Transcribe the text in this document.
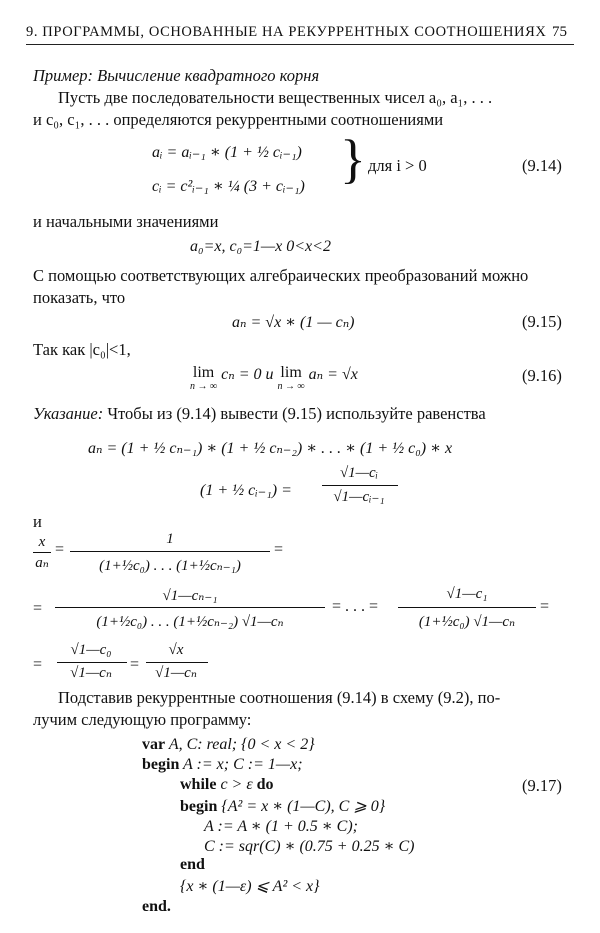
9. ПРОГРАММЫ, ОСНОВАННЫЕ НА РЕКУРРЕНТНЫХ СООТНОШЕНИЯХ 75
Пример: Вычисление квадратного корня
Пусть две последовательности вещественных чисел a₀, a₁, . . .
и c₀, c₁, . . . определяются рекуррентными соотношениями
aᵢ = aᵢ₋₁ ∗ (1 + ½ cᵢ₋₁)
cᵢ = c²ᵢ₋₁ ∗ ¼ (3 + cᵢ₋₁) } для i > 0	(9.14)
и начальными значениями
a₀=x, c₀=1—x 0<x<2
С помощью соответствующих алгебраических преобразований можно
показать, что
aₙ = √x ∗ (1 — cₙ)	(9.15)
Так как |c₀|<1,
lim
n → ∞
cₙ = 0 и lim
n → ∞
aₙ = √x	(9.16)
Указание: Чтобы из (9.14) вывести (9.15) используйте равенства
aₙ = (1 + ½ cₙ₋₁) ∗ (1 + ½ cₙ₋₂) ∗ . . . ∗ (1 + ½ c₀) ∗ x
(1 + ½ cᵢ₋₁) =
√1—cᵢ
√1—cᵢ₋₁
и
x
aₙ
=
1
(1+½c₀) . . . (1+½cₙ₋₁)
=
=
√1—cₙ₋₁
(1+½c₀) . . . (1+½cₙ₋₂) √1—cₙ
= . . . =
√1—c₁
(1+½c₀) √1—cₙ
=
=
√1—c₀
√1—cₙ	=
√x
√1—cₙ
Подставив рекуррентные соотношения (9.14) в схему (9.2), по-
лучим следующую программу:
var A, C: real; {0 < x < 2}
begin A := x; C := 1—x;
while c > ε do
begin {A² = x ∗ (1—C), C ⩾ 0}
A := A ∗ (1 + 0.5 ∗ C);
C := sqr(C) ∗ (0.75 + 0.25 ∗ C)
end
{x ∗ (1—ε) ⩽ A² < x}
end.
(9.17)
